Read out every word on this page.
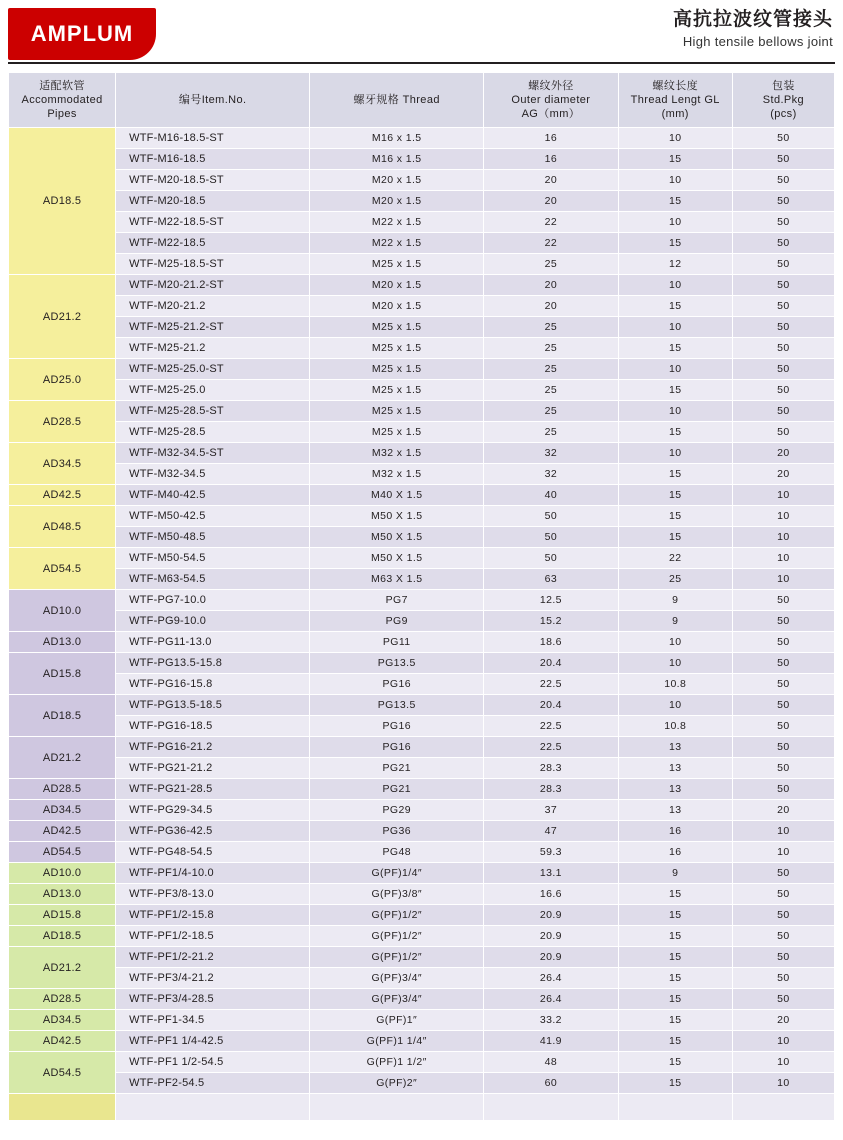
AMPLUM
高抗拉波纹管接头
High tensile bellows joint
适配软管
Accommodated
Pipes	编号Item.No.	螺牙规格 Thread	螺纹外径
Outer diameter
AG（mm）	螺纹长度
Thread Lengt GL
(mm)	包装
Std.Pkg
(pcs)

AD18.5	WTF-M16-18.5-ST	M16 x 1.5	16	10	50
	WTF-M16-18.5	M16 x 1.5	16	15	50
	WTF-M20-18.5-ST	M20 x 1.5	20	10	50
	WTF-M20-18.5	M20 x 1.5	20	15	50
	WTF-M22-18.5-ST	M22 x 1.5	22	10	50
	WTF-M22-18.5	M22 x 1.5	22	15	50
	WTF-M25-18.5-ST	M25 x 1.5	25	12	50
AD21.2	WTF-M20-21.2-ST	M20 x 1.5	20	10	50
	WTF-M20-21.2	M20 x 1.5	20	15	50
	WTF-M25-21.2-ST	M25 x 1.5	25	10	50
	WTF-M25-21.2	M25 x 1.5	25	15	50
AD25.0	WTF-M25-25.0-ST	M25 x 1.5	25	10	50
	WTF-M25-25.0	M25 x 1.5	25	15	50
AD28.5	WTF-M25-28.5-ST	M25 x 1.5	25	10	50
	WTF-M25-28.5	M25 x 1.5	25	15	50
AD34.5	WTF-M32-34.5-ST	M32 x 1.5	32	10	20
	WTF-M32-34.5	M32 x 1.5	32	15	20
AD42.5	WTF-M40-42.5	M40 X 1.5	40	15	10
AD48.5	WTF-M50-42.5	M50 X 1.5	50	15	10
	WTF-M50-48.5	M50 X 1.5	50	15	10
AD54.5	WTF-M50-54.5	M50 X 1.5	50	22	10
	WTF-M63-54.5	M63 X 1.5	63	25	10
AD10.0	WTF-PG7-10.0	PG7	12.5	9	50
	WTF-PG9-10.0	PG9	15.2	9	50
AD13.0	WTF-PG11-13.0	PG11	18.6	10	50
AD15.8	WTF-PG13.5-15.8	PG13.5	20.4	10	50
	WTF-PG16-15.8	PG16	22.5	10.8	50
AD18.5	WTF-PG13.5-18.5	PG13.5	20.4	10	50
	WTF-PG16-18.5	PG16	22.5	10.8	50
AD21.2	WTF-PG16-21.2	PG16	22.5	13	50
	WTF-PG21-21.2	PG21	28.3	13	50
AD28.5	WTF-PG21-28.5	PG21	28.3	13	50
AD34.5	WTF-PG29-34.5	PG29	37	13	20
AD42.5	WTF-PG36-42.5	PG36	47	16	10
AD54.5	WTF-PG48-54.5	PG48	59.3	16	10
AD10.0	WTF-PF1/4-10.0	G(PF)1/4″	13.1	9	50
AD13.0	WTF-PF3/8-13.0	G(PF)3/8″	16.6	15	50
AD15.8	WTF-PF1/2-15.8	G(PF)1/2″	20.9	15	50
AD18.5	WTF-PF1/2-18.5	G(PF)1/2″	20.9	15	50
AD21.2	WTF-PF1/2-21.2	G(PF)1/2″	20.9	15	50
	WTF-PF3/4-21.2	G(PF)3/4″	26.4	15	50
AD28.5	WTF-PF3/4-28.5	G(PF)3/4″	26.4	15	50
AD34.5	WTF-PF1-34.5	G(PF)1″	33.2	15	20
AD42.5	WTF-PF1 1/4-42.5	G(PF)1 1/4″	41.9	15	10
AD54.5	WTF-PF1 1/2-54.5	G(PF)1 1/2″	48	15	10
	WTF-PF2-54.5	G(PF)2″	60	15	10
